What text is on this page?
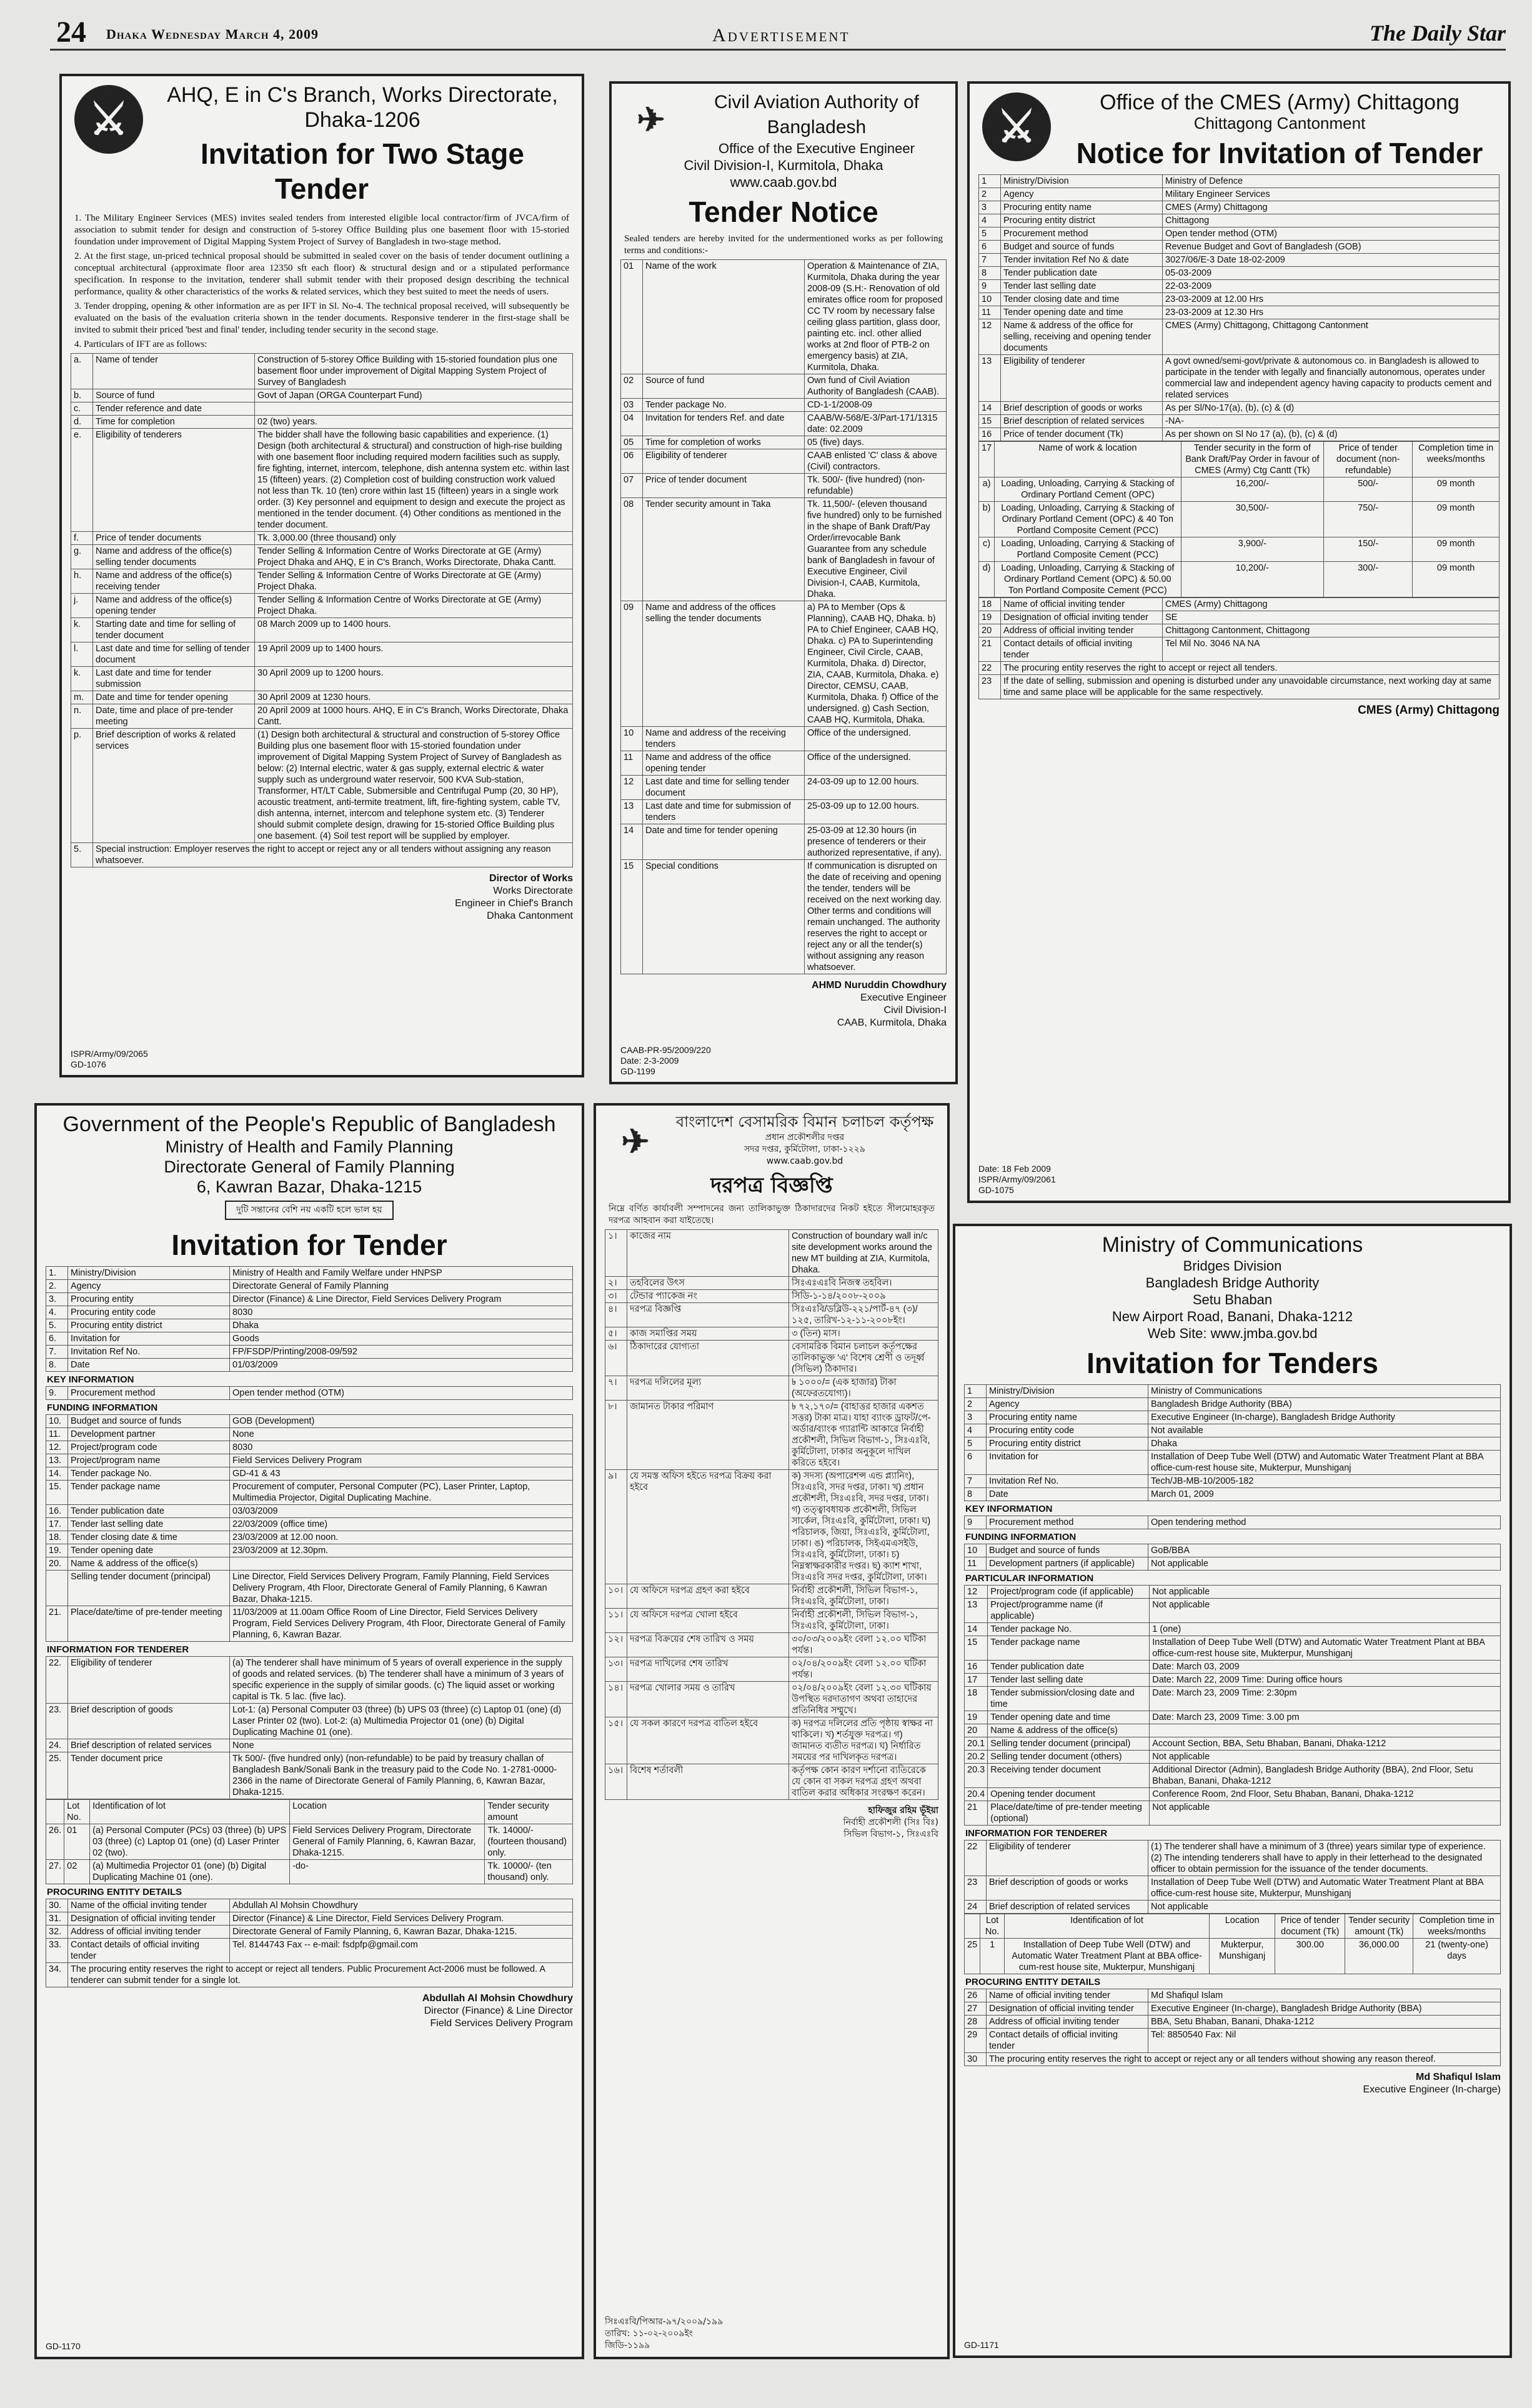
24 Dhaka Wednesday March 4, 2009	Advertisement	The Daily Star
⚔
AHQ, E in C's Branch, Works Directorate,
Dhaka-1206
Invitation for Two Stage Tender
1. The Military Engineer Services (MES) invites sealed tenders from interested eligible local contractor/firm of JVCA/firm of association to submit tender for design and construction of 5-storey Office Building plus one basement floor with 15-storied foundation under improvement of Digital Mapping System Project of Survey of Bangladesh in two-stage method.
2. At the first stage, un-priced technical proposal should be submitted in sealed cover on the basis of tender document outlining a conceptual architectural (approximate floor area 12350 sft each floor) & structural design and or a stipulated performance specification. In response to the invitation, tenderer shall submit tender with their proposed design describing the technical performance, quality & other characteristics of the works & related services, which they best suited to meet the needs of users.
3. Tender dropping, opening & other information are as per IFT in Sl. No-4. The technical proposal received, will subsequently be evaluated on the basis of the evaluation criteria shown in the tender documents. Responsive tenderer in the first-stage shall be invited to submit their priced 'best and final' tender, including tender security in the second stage.
4. Particulars of IFT are as follows:
a.	Name of tender	Construction of 5-storey Office Building with 15-storied foundation plus one basement floor under improvement of Digital Mapping System Project of Survey of Bangladesh
b.	Source of fund	Govt of Japan (ORGA Counterpart Fund)
c.	Tender reference and date	
d.	Time for completion	02 (two) years.
e.	Eligibility of tenderers	The bidder shall have the following basic capabilities and experience. (1) Design (both architectural & structural) and construction of high-rise building with one basement floor including required modern facilities such as supply, fire fighting, internet, intercom, telephone, dish antenna system etc. within last 15 (fifteen) years. (2) Completion cost of building construction work valued not less than Tk. 10 (ten) crore within last 15 (fifteen) years in a single work order. (3) Key personnel and equipment to design and execute the project as mentioned in the tender document. (4) Other conditions as mentioned in the tender document.
f.	Price of tender documents	Tk. 3,000.00 (three thousand) only
g.	Name and address of the office(s) selling tender documents	Tender Selling & Information Centre of Works Directorate at GE (Army) Project Dhaka and AHQ, E in C's Branch, Works Directorate, Dhaka Cantt.
h.	Name and address of the office(s) receiving tender	Tender Selling & Information Centre of Works Directorate at GE (Army) Project Dhaka.
j.	Name and address of the office(s) opening tender	Tender Selling & Information Centre of Works Directorate at GE (Army) Project Dhaka.
k.	Starting date and time for selling of tender document	08 March 2009 up to 1400 hours.
l.	Last date and time for selling of tender document	19 April 2009 up to 1400 hours.
k.	Last date and time for tender submission	30 April 2009 up to 1200 hours.
m.	Date and time for tender opening	30 April 2009 at 1230 hours.
n.	Date, time and place of pre-tender meeting	20 April 2009 at 1000 hours. AHQ, E in C's Branch, Works Directorate, Dhaka Cantt.
p.	Brief description of works & related services	(1) Design both architectural & structural and construction of 5-storey Office Building plus one basement floor with 15-storied foundation under improvement of Digital Mapping System Project of Survey of Bangladesh as below: (2) Internal electric, water & gas supply, external electric & water supply such as underground water reservoir, 500 KVA Sub-station, Transformer, HT/LT Cable, Submersible and Centrifugal Pump (20, 30 HP), acoustic treatment, anti-termite treatment, lift, fire-fighting system, cable TV, dish antenna, internet, intercom and telephone system etc. (3) Tenderer should submit complete design, drawing for 15-storied Office Building plus one basement. (4) Soil test report will be supplied by employer.
5.	Special instruction: Employer reserves the right to accept or reject any or all tenders without assigning any reason whatsoever.	
Director of Works
Works Directorate
Engineer in Chief's Branch
Dhaka Cantonment
ISPR/Army/09/2065
GD-1076
✈	Civil Aviation Authority of Bangladesh
Office of the Executive Engineer
Civil Division-I, Kurmitola, Dhaka
www.caab.gov.bd
Tender Notice
Sealed tenders are hereby invited for the undermentioned works as per following terms and conditions:-
01	Name of the work	Operation & Maintenance of ZIA, Kurmitola, Dhaka during the year 2008-09 (S.H:- Renovation of old emirates office room for proposed CC TV room by necessary false ceiling glass partition, glass door, painting etc. incl. other allied works at 2nd floor of PTB-2 on emergency basis) at ZIA, Kurmitola, Dhaka.
02	Source of fund	Own fund of Civil Aviation Authority of Bangladesh (CAAB).
03	Tender package No.	CD-1-1/2008-09
04	Invitation for tenders Ref. and date	CAAB/W-568/E-3/Part-171/1315 date: 02.2009
05	Time for completion of works	05 (five) days.
06	Eligibility of tenderer	CAAB enlisted 'C' class & above (Civil) contractors.
07	Price of tender document	Tk. 500/- (five hundred) (non-refundable)
08	Tender security amount in Taka	Tk. 11,500/- (eleven thousand five hundred) only to be furnished in the shape of Bank Draft/Pay Order/irrevocable Bank Guarantee from any schedule bank of Bangladesh in favour of Executive Engineer, Civil Division-I, CAAB, Kurmitola, Dhaka.
09	Name and address of the offices selling the tender documents	a) PA to Member (Ops & Planning), CAAB HQ, Dhaka. b) PA to Chief Engineer, CAAB HQ, Dhaka. c) PA to Superintending Engineer, Civil Circle, CAAB, Kurmitola, Dhaka. d) Director, ZIA, CAAB, Kurmitola, Dhaka. e) Director, CEMSU, CAAB, Kurmitola, Dhaka. f) Office of the undersigned. g) Cash Section, CAAB HQ, Kurmitola, Dhaka.
10	Name and address of the receiving tenders	Office of the undersigned.
11	Name and address of the office opening tender	Office of the undersigned.
12	Last date and time for selling tender document	24-03-09 up to 12.00 hours.
13	Last date and time for submission of tenders	25-03-09 up to 12.00 hours.
14	Date and time for tender opening	25-03-09 at 12.30 hours (in presence of tenderers or their authorized representative, if any).
15	Special conditions	If communication is disrupted on the date of receiving and opening the tender, tenders will be received on the next working day. Other terms and conditions will remain unchanged. The authority reserves the right to accept or reject any or all the tender(s) without assigning any reason whatsoever.
AHMD Nuruddin Chowdhury
Executive Engineer
Civil Division-I
CAAB, Kurmitola, Dhaka
CAAB-PR-95/2009/220
Date: 2-3-2009
GD-1199
⚔
Office of the CMES (Army) Chittagong
Chittagong Cantonment
Notice for Invitation of Tender
1	Ministry/Division	Ministry of Defence
2	Agency	Military Engineer Services
3	Procuring entity name	CMES (Army) Chittagong
4	Procuring entity district	Chittagong
5	Procurement method	Open tender method (OTM)
6	Budget and source of funds	Revenue Budget and Govt of Bangladesh (GOB)
7	Tender invitation Ref No & date	3027/06/E-3 Date 18-02-2009
8	Tender publication date	05-03-2009
9	Tender last selling date	22-03-2009
10	Tender closing date and time	23-03-2009 at 12.00 Hrs
11	Tender opening date and time	23-03-2009 at 12.30 Hrs
12	Name & address of the office for selling, receiving and opening tender documents	CMES (Army) Chittagong, Chittagong Cantonment
13	Eligibility of tenderer	A govt owned/semi-govt/private & autonomous co. in Bangladesh is allowed to participate in the tender with legally and financially autonomous, operates under commercial law and independent agency having capacity to products cement and related services
14	Brief description of goods or works	As per Sl/No-17(a), (b), (c) & (d)
15	Brief description of related services	-NA-
16	Price of tender document (Tk)	As per shown on Sl No 17 (a), (b), (c) & (d)
17	Name of work & location	Tender security in the form of Bank Draft/Pay Order in favour of CMES (Army) Ctg Cantt (Tk)	Price of tender document (non-refundable)	Completion time in weeks/months
a)	Loading, Unloading, Carrying & Stacking of Ordinary Portland Cement (OPC)	16,200/-	500/-	09 month
b)	Loading, Unloading, Carrying & Stacking of Ordinary Portland Cement (OPC) & 40 Ton Portland Composite Cement (PCC)	30,500/-	750/-	09 month
c)	Loading, Unloading, Carrying & Stacking of Portland Composite Cement (PCC)	3,900/-	150/-	09 month
d)	Loading, Unloading, Carrying & Stacking of Ordinary Portland Cement (OPC) & 50.00 Ton Portland Composite Cement (PCC)	10,200/-	300/-	09 month
18	Name of official inviting tender	CMES (Army) Chittagong
19	Designation of official inviting tender	SE
20	Address of official inviting tender	Chittagong Cantonment, Chittagong
21	Contact details of official inviting tender	Tel Mil No. 3046 NA NA
22	The procuring entity reserves the right to accept or reject all tenders.	
23	If the date of selling, submission and opening is disturbed under any unavoidable circumstance, next working day at same time and same place will be applicable for the same respectively.	
CMES (Army) Chittagong
Date: 18 Feb 2009
ISPR/Army/09/2061
GD-1075
Government of the People's Republic of Bangladesh
Ministry of Health and Family Planning
Directorate General of Family Planning
6, Kawran Bazar, Dhaka-1215
দুটি সন্তানের বেশি নয় একটি হলে ভাল হয়
Invitation for Tender
1.	Ministry/Division	Ministry of Health and Family Welfare under HNPSP
2.	Agency	Directorate General of Family Planning
3.	Procuring entity	Director (Finance) & Line Director, Field Services Delivery Program
4.	Procuring entity code	8030
5.	Procuring entity district	Dhaka
6.	Invitation for	Goods
7.	Invitation Ref No.	FP/FSDP/Printing/2008-09/592
8.	Date	01/03/2009
KEY INFORMATION
9.	Procurement method	Open tender method (OTM)
FUNDING INFORMATION
10.	Budget and source of funds	GOB (Development)
11.	Development partner	None
12.	Project/program code	8030
13.	Project/program name	Field Services Delivery Program
14.	Tender package No.	GD-41 & 43
15.	Tender package name	Procurement of computer, Personal Computer (PC), Laser Printer, Laptop, Multimedia Projector, Digital Duplicating Machine.
16.	Tender publication date	03/03/2009
17.	Tender last selling date	22/03/2009 (office time)
18.	Tender closing date & time	23/03/2009 at 12.00 noon.
19.	Tender opening date	23/03/2009 at 12.30pm.
20.	Name & address of the office(s)	
	Selling tender document (principal)	Line Director, Field Services Delivery Program, Family Planning, Field Services Delivery Program, 4th Floor, Directorate General of Family Planning, 6 Kawran Bazar, Dhaka-1215.
21.	Place/date/time of pre-tender meeting	11/03/2009 at 11.00am Office Room of Line Director, Field Services Delivery Program, Field Services Delivery Program, 4th Floor, Directorate General of Family Planning, 6, Kawran Bazar.
INFORMATION FOR TENDERER
22.	Eligibility of tenderer	(a) The tenderer shall have minimum of 5 years of overall experience in the supply of goods and related services. (b) The tenderer shall have a minimum of 3 years of specific experience in the supply of similar goods. (c) The liquid asset or working capital is Tk. 5 lac. (five lac).
23.	Brief description of goods	Lot-1: (a) Personal Computer 03 (three) (b) UPS 03 (three) (c) Laptop 01 (one) (d) Laser Printer 02 (two). Lot-2: (a) Multimedia Projector 01 (one) (b) Digital Duplicating Machine 01 (one).
24.	Brief description of related services	None
25.	Tender document price	Tk 500/- (five hundred only) (non-refundable) to be paid by treasury challan of Bangladesh Bank/Sonali Bank in the treasury paid to the Code No. 1-2781-0000-2366 in the name of Directorate General of Family Planning, 6, Kawran Bazar, Dhaka-1215.
	Lot No.	Identification of lot	Location	Tender security amount
26.	01	(a) Personal Computer (PCs) 03 (three) (b) UPS 03 (three) (c) Laptop 01 (one) (d) Laser Printer 02 (two).	Field Services Delivery Program, Directorate General of Family Planning, 6, Kawran Bazar, Dhaka-1215.	Tk. 14000/- (fourteen thousand) only.
27.	02	(a) Multimedia Projector 01 (one) (b) Digital Duplicating Machine 01 (one).	-do-	Tk. 10000/- (ten thousand) only.
PROCURING ENTITY DETAILS
30.	Name of the official inviting tender	Abdullah Al Mohsin Chowdhury
31.	Designation of official inviting tender	Director (Finance) & Line Director, Field Services Delivery Program.
32.	Address of official inviting tender	Directorate General of Family Planning, 6, Kawran Bazar, Dhaka-1215.
33.	Contact details of official inviting tender	Tel. 8144743 Fax -- e-mail: fsdpfp@gmail.com
34.	The procuring entity reserves the right to accept or reject all tenders. Public Procurement Act-2006 must be followed. A tenderer can submit tender for a single lot.	
Abdullah Al Mohsin Chowdhury
Director (Finance) & Line Director
Field Services Delivery Program
GD-1170
✈
বাংলাদেশ বেসামরিক বিমান চলাচল কর্তৃপক্ষ
প্রধান প্রকৌশলীর দপ্তর
সদর দপ্তর, কুর্মিটোলা, ঢাকা-১২২৯
www.caab.gov.bd
দরপত্র বিজ্ঞপ্তি
নিম্নে বর্ণিত কার্যাবলী সম্পাদনের জন্য তালিকাভুক্ত ঠিকাদারদের নিকট হইতে সীলমোহরকৃত দরপত্র আহবান করা যাইতেছে।
১।	কাজের নাম	Construction of boundary wall in/c site development works around the new MT building at ZIA, Kurmitola, Dhaka.
২।	তহবিলের উৎস	সিঃএঃএঃবি নিজস্ব তহবিল।
৩।	টেন্ডার প্যাকেজ নং	সিডি-১-১৪/২০০৮-২০০৯
৪।	দরপত্র বিজ্ঞপ্তি	সিঃএঃবি/ডব্লিউ-২২১/পার্ট-৪৭ (৩)/১২৫, তারিখ-১২-১১-২০০৮ইং।
৫।	কাজ সমাপ্তির সময়	৩ (তিন) মাস।
৬।	ঠিকাদারের যোগ্যতা	বেসামরিক বিমান চলাচল কর্তৃপক্ষের তালিকাভুক্ত 'এ' বিশেষ শ্রেণী ও তদূর্ধ্ব (সিভিল) ঠিকাদার।
৭।	দরপত্র দলিলের মূল্য	৳ ১০০০/= (এক হাজার) টাকা (অফেরতযোগ্য)।
৮।	জামানত টাকার পরিমাণ	৳ ৭২,১৭০/= (বাহাত্তর হাজার একশত সত্তর) টাকা মাত্র। যাহা ব্যাংক ড্রাফট/পে-অর্ডার/ব্যাংক গ্যারান্টি আকারে নির্বাহী প্রকৌশলী, সিভিল বিভাগ-১, সিঃএঃবি, কুর্মিটোলা, ঢাকার অনুকূলে দাখিল করিতে হইবে।
৯।	যে সমস্ত অফিস হইতে দরপত্র বিক্রয় করা হইবে	ক) সদস্য (অপারেশন্স এন্ড প্ল্যানিং), সিঃএঃবি, সদর দপ্তর, ঢাকা। খ) প্রধান প্রকৌশলী, সিঃএঃবি, সদর দপ্তর, ঢাকা। গ) তত্ত্বাবধায়ক প্রকৌশলী, সিভিল সার্কেল, সিঃএঃবি, কুর্মিটোলা, ঢাকা। ঘ) পরিচালক, জিয়া, সিঃএঃবি, কুর্মিটোলা, ঢাকা। ঙ) পরিচালক, সিইএমএসইউ, সিঃএঃবি, কুর্মিটোলা, ঢাকা। চ) নিম্নস্বাক্ষরকারীর দপ্তর। ছ) ক্যাশ শাখা, সিঃএঃবি সদর দপ্তর, কুর্মিটোলা, ঢাকা।
১০।	যে অফিসে দরপত্র গ্রহণ করা হইবে	নির্বাহী প্রকৌশলী, সিভিল বিভাগ-১, সিঃএঃবি, কুর্মিটোলা, ঢাকা।
১১।	যে অফিসে দরপত্র খোলা হইবে	নির্বাহী প্রকৌশলী, সিভিল বিভাগ-১, সিঃএঃবি, কুর্মিটোলা, ঢাকা।
১২।	দরপত্র বিক্রয়ের শেষ তারিখ ও সময়	৩০/০৩/২০০৯ইং বেলা ১২.০০ ঘটিকা পর্যন্ত।
১৩।	দরপত্র দাখিলের শেষ তারিখ	০২/০৪/২০০৯ইং বেলা ১২.০০ ঘটিকা পর্যন্ত।
১৪।	দরপত্র খোলার সময় ও তারিখ	০২/০৪/২০০৯ইং বেলা ১২.৩০ ঘটিকায় উপস্থিত দরদাতাগণ অথবা তাহাদের প্রতিনিধির সম্মুখে।
১৫।	যে সকল কারণে দরপত্র বাতিল হইবে	ক) দরপত্র দলিলের প্রতি পৃষ্ঠায় স্বাক্ষর না থাকিলে। খ) শর্তযুক্ত দরপত্র। গ) জামানত ব্যতীত দরপত্র। ঘ) নির্ধারিত সময়ের পর দাখিলকৃত দরপত্র।
১৬।	বিশেষ শর্তাবলী	কর্তৃপক্ষ কোন কারণ দর্শানো ব্যতিরেকে যে কোন বা সকল দরপত্র গ্রহণ অথবা বাতিল করার অধিকার সংরক্ষণ করেন।
হাফিজুর রহিম ভূঁইয়া
নির্বাহী প্রকৌশলী (সিঃ বিঃ)
সিভিল বিভাগ-১, সিঃএঃবি
সিঃএঃবি/পিআর-৯৭/২০০৯/১৯৯
তারিখ: ১১-০২-২০০৯ইং
জিডি-১১৯৯
Ministry of Communications
Bridges Division
Bangladesh Bridge Authority
Setu Bhaban
New Airport Road, Banani, Dhaka-1212
Web Site: www.jmba.gov.bd
Invitation for Tenders
1	Ministry/Division	Ministry of Communications
2	Agency	Bangladesh Bridge Authority (BBA)
3	Procuring entity name	Executive Engineer (In-charge), Bangladesh Bridge Authority
4	Procuring entity code	Not available
5	Procuring entity district	Dhaka
6	Invitation for	Installation of Deep Tube Well (DTW) and Automatic Water Treatment Plant at BBA office-cum-rest house site, Mukterpur, Munshiganj
7	Invitation Ref No.	Tech/JB-MB-10/2005-182
8	Date	March 01, 2009
KEY INFORMATION
9	Procurement method	Open tendering method
FUNDING INFORMATION
10	Budget and source of funds	GoB/BBA
11	Development partners (if applicable)	Not applicable
PARTICULAR INFORMATION
12	Project/program code (if applicable)	Not applicable
13	Project/programme name (if applicable)	Not applicable
14	Tender package No.	1 (one)
15	Tender package name	Installation of Deep Tube Well (DTW) and Automatic Water Treatment Plant at BBA office-cum-rest house site, Mukterpur, Munshiganj
16	Tender publication date	Date: March 03, 2009
17	Tender last selling date	Date: March 22, 2009 Time: During office hours
18	Tender submission/closing date and time	Date: March 23, 2009 Time: 2:30pm
19	Tender opening date and time	Date: March 23, 2009 Time: 3.00 pm
20	Name & address of the office(s)	
20.1	Selling tender document (principal)	Account Section, BBA, Setu Bhaban, Banani, Dhaka-1212
20.2	Selling tender document (others)	Not applicable
20.3	Receiving tender document	Additional Director (Admin), Bangladesh Bridge Authority (BBA), 2nd Floor, Setu Bhaban, Banani, Dhaka-1212
20.4	Opening tender document	Conference Room, 2nd Floor, Setu Bhaban, Banani, Dhaka-1212
21	Place/date/time of pre-tender meeting (optional)	Not applicable
INFORMATION FOR TENDERER
22	Eligibility of tenderer	(1) The tenderer shall have a minimum of 3 (three) years similar type of experience. (2) The intending tenderers shall have to apply in their letterhead to the designated officer to obtain permission for the issuance of the tender documents.
23	Brief description of goods or works	Installation of Deep Tube Well (DTW) and Automatic Water Treatment Plant at BBA office-cum-rest house site, Mukterpur, Munshiganj
24	Brief description of related services	Not applicable
	Lot No.	Identification of lot	Location	Price of tender document (Tk)	Tender security amount (Tk)	Completion time in weeks/months
25	1	Installation of Deep Tube Well (DTW) and Automatic Water Treatment Plant at BBA office-cum-rest house site, Mukterpur, Munshiganj	Mukterpur, Munshiganj	300.00	36,000.00	21 (twenty-one) days
PROCURING ENTITY DETAILS
26	Name of official inviting tender	Md Shafiqul Islam
27	Designation of official inviting tender	Executive Engineer (In-charge), Bangladesh Bridge Authority (BBA)
28	Address of official inviting tender	BBA, Setu Bhaban, Banani, Dhaka-1212
29	Contact details of official inviting tender	Tel: 8850540 Fax: Nil
30	The procuring entity reserves the right to accept or reject any or all tenders without showing any reason thereof.	
Md Shafiqul Islam
Executive Engineer (In-charge)
GD-1171
